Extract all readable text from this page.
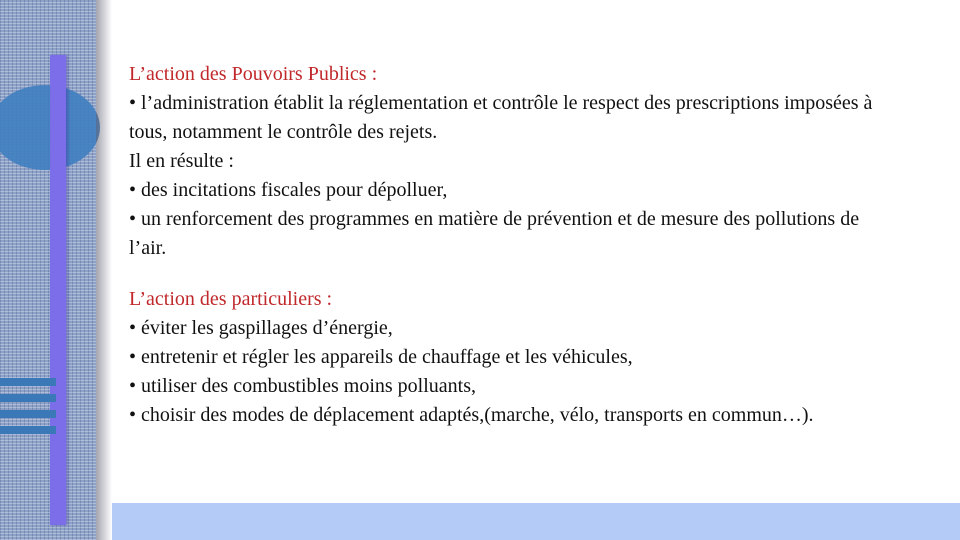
L’action des Pouvoirs Publics :

• l’administration établit la réglementation et contrôle le respect des prescriptions imposées à tous, notamment le contrôle des rejets.

Il en résulte :

• des incitations fiscales pour dépolluer,

• un renforcement des programmes en matière de prévention et de mesure des pollutions de l’air.

L’action des particuliers :

• éviter les gaspillages d’énergie,

• entretenir et régler les appareils de chauffage et les véhicules,

• utiliser des combustibles moins polluants,

• choisir des modes de déplacement adaptés,(marche, vélo, transports en commun…).
